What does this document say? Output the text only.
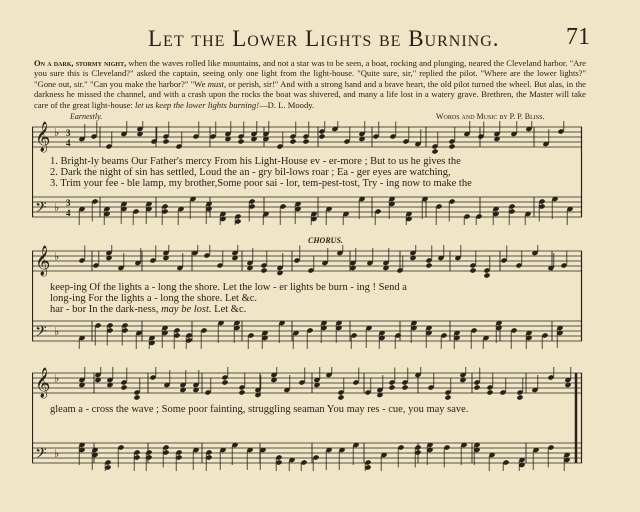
Let the Lower Lights be Burning.	71
On a dark, stormy night, when the waves rolled like mountains, and not a star was to be seen, a boat, rocking and plunging, neared the Cleveland harbor. "Are you sure this is Cleveland?" asked the captain, seeing only one light from the light-house. "Quite sure, sir," replied the pilot. "Where are the lower lights?" "Gone out, sir." "Can you make the harbor?" "We must, or perish, sir!" And with a strong hand and a brave heart, the old pilot turned the wheel. But alas, in the darkness he missed the channel, and with a crash upon the rocks the boat was shivered, and many a life lost in a watery grave. Brethren, the Master will take care of the great light-house: let us keep the lower lights burning!—D. L. Moody.
Earnestly.	Words and Music by P. P. Bliss.
𝄞 ♭
𝄢 ♭
3
4
3
4
1. Bright-ly beams Our Father's mercy From his Light-House ev - er-more ; But to us he gives the
2. Dark the night of sin has settled, Loud the an - gry bil-lows roar ; Ea - ger eyes are watching,
3. Trim your fee - ble lamp, my brother,Some poor sai - lor, tem-pest-tost, Try - ing now to make the
CHORUS.
𝄞 ♭
𝄢 ♭
keep-ing Of the lights a - long the shore. Let the low - er lights be burn - ing ! Send a
long-ing For the lights a - long the shore. Let &c.
har - bor In the dark-ness, may be lost. Let &c.
𝄞 ♭
𝄢 ♭
gleam a - cross the wave ; Some poor fainting, struggling seaman You may res - cue, you may save.
